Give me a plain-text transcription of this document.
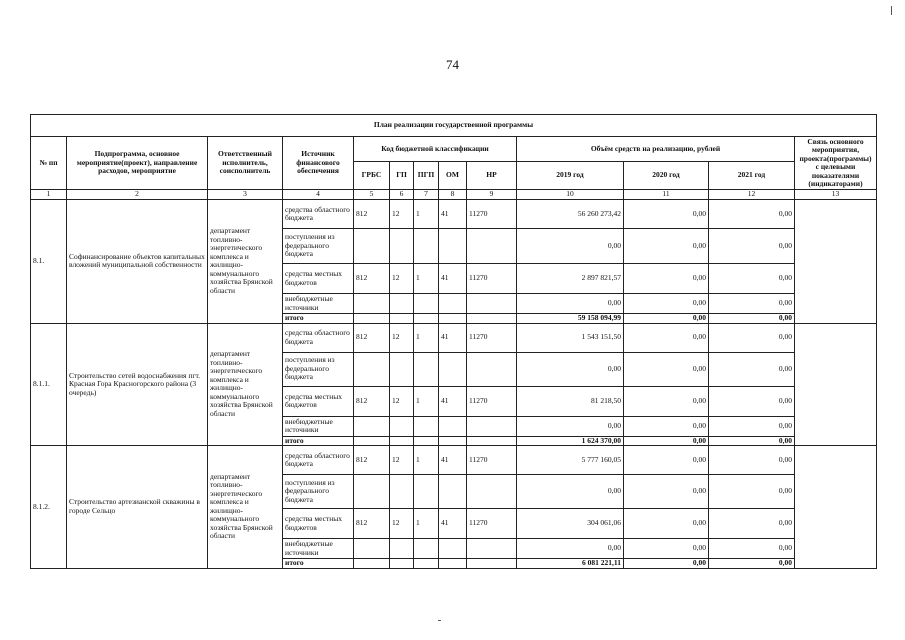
74
План реализации государственной программы												
№ пп	Подпрограмма, основное мероприятие(проект), направление расходов, мероприятие	Ответственный исполнитель, соисполнитель	Источник финансового обеспечения	Код бюджетной классификации					Объём средств на реализацию, рублей			Связь основного мероприятия, проекта(программы) с целевыми показателями (индикаторами)
				ГРБС	ГП	ПГП	ОМ	НР	2019 год	2020 год	2021 год	
1	2	3	4	5	6	7	8	9	10	11	12	13
8.1.	Софинансирование объектов капитальных вложений муниципальной собственности	департамент топливно-энергетического комплекса и жилищно-коммунального хозяйства Брянской области	средства областного бюджета	812	12	1	41	11270	56 260 273,42	0,00	0,00	
			поступления из федерального бюджета						0,00	0,00	0,00	
			средства местных бюджетов	812	12	1	41	11270	2 897 821,57	0,00	0,00	
			внебюджетные источники						0,00	0,00	0,00	
			итого						59 158 094,99	0,00	0,00	
8.1.1.	Строительство сетей водоснабжения пгт. Красная Гора Красногорского района (3 очередь)	департамент топливно-энергетического комплекса и жилищно-коммунального хозяйства Брянской области	средства областного бюджета	812	12	1	41	11270	1 543 151,50	0,00	0,00	
			поступления из федерального бюджета						0,00	0,00	0,00	
			средства местных бюджетов	812	12	1	41	11270	81 218,50	0,00	0,00	
			внебюджетные источники						0,00	0,00	0,00	
			итого						1 624 370,00	0,00	0,00	
8.1.2.	Строительство артезианской скважины в городе Сельцо	департамент топливно-энергетического комплекса и жилищно-коммунального хозяйства Брянской области	средства областного бюджета	812	12	1	41	11270	5 777 160,05	0,00	0,00	
			поступления из федерального бюджета						0,00	0,00	0,00	
			средства местных бюджетов	812	12	1	41	11270	304 061,06	0,00	0,00	
			внебюджетные источники						0,00	0,00	0,00	
			итого						6 081 221,11	0,00	0,00	
